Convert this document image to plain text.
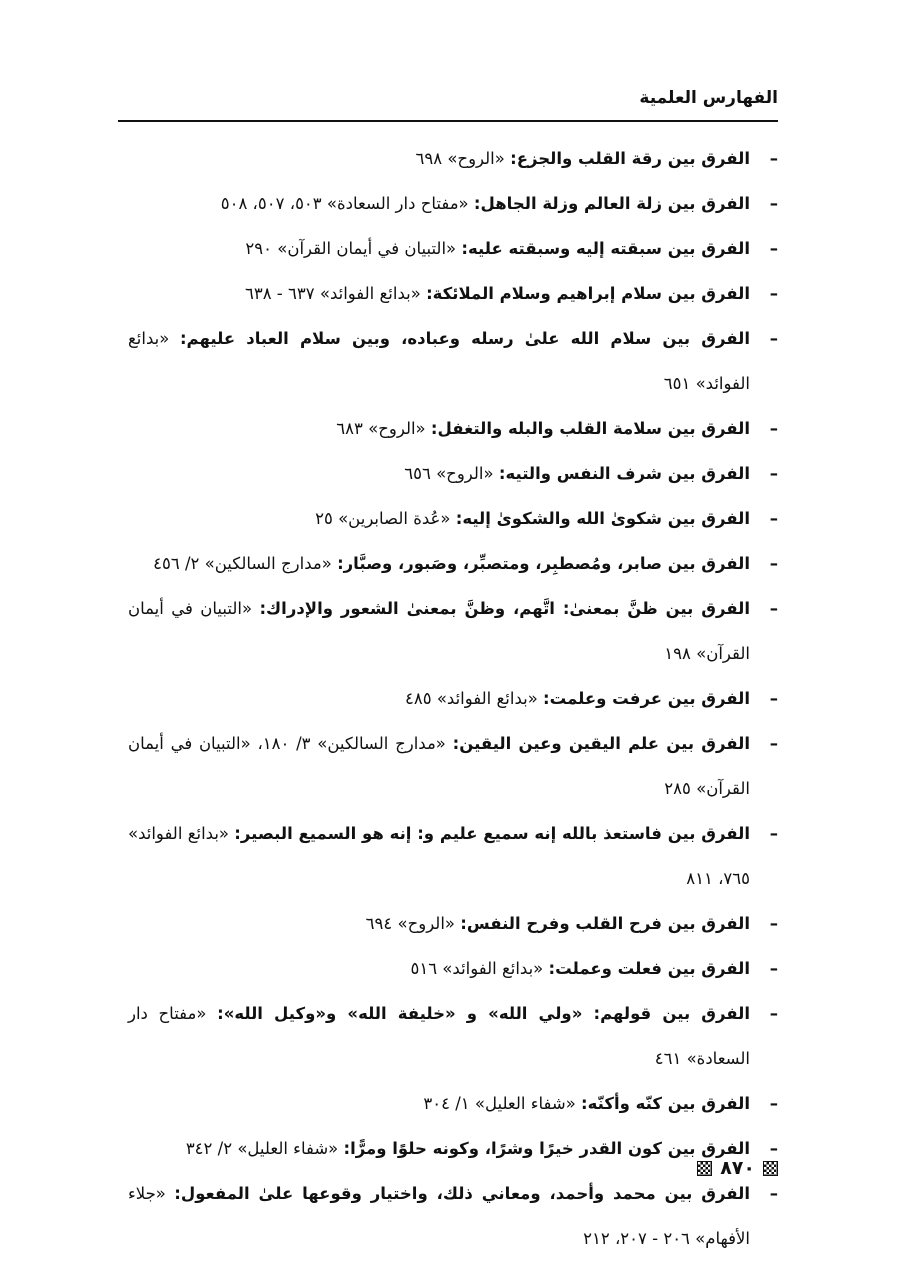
الفهارس العلمية
–
الفرق بين رقة القلب والجزع: «الروح» ٦٩٨
–
الفرق بين زلة العالم وزلة الجاهل: «مفتاح دار السعادة» ٥٠٣، ٥٠٧، ٥٠٨
–
الفرق بين سبقته إليه وسبقته عليه: «التبيان في أيمان القرآن» ٢٩٠
–
الفرق بين سلام إبراهيم وسلام الملائكة: «بدائع الفوائد» ٦٣٧ - ٦٣٨
–
الفرق بين سلام الله علىٰ رسله وعباده، وبين سلام العباد عليهم: «بدائع الفوائد» ٦٥١
–
الفرق بين سلامة القلب والبله والتغفل: «الروح» ٦٨٣
–
الفرق بين شرف النفس والتيه: «الروح» ٦٥٦
–
الفرق بين شكوىٰ الله والشكوىٰ إليه: «عُدة الصابرين» ٢٥
–
الفرق بين صابر، ومُصطبِر، ومتصبِّر، وصَبور، وصبَّار: «مدارج السالكين» ٢/ ٤٥٦
–
الفرق بين ظنَّ بمعنىٰ: اتَّهم، وظنَّ بمعنىٰ الشعور والإدراك: «التبيان في أيمان القرآن» ١٩٨
–
الفرق بين عرفت وعلمت: «بدائع الفوائد» ٤٨٥
–
الفرق بين علم اليقين وعين اليقين: «مدارج السالكين» ٣/ ١٨٠، «التبيان في أيمان القرآن» ٢٨٥
–
الفرق بين فاستعذ بالله إنه سميع عليم و: إنه هو السميع البصير: «بدائع الفوائد» ٧٦٥، ٨١١
–
الفرق بين فرح القلب وفرح النفس: «الروح» ٦٩٤
–
الفرق بين فعلت وعملت: «بدائع الفوائد» ٥١٦
–
الفرق بين قولهم: «ولي الله» و «خليفة الله» و«وكيل الله»: «مفتاح دار السعادة» ٤٦١
–
الفرق بين كنّه وأكنّه: «شفاء العليل» ١/ ٣٠٤
–
الفرق بين كون القدر خيرًا وشرًا، وكونه حلوًا ومرًّا: «شفاء العليل» ٢/ ٣٤٢
–
الفرق بين محمد وأحمد، ومعاني ذلك، واختيار وقوعها علىٰ المفعول: «جلاء الأفهام» ٢٠٦ - ٢٠٧، ٢١٢
٨٧٠
